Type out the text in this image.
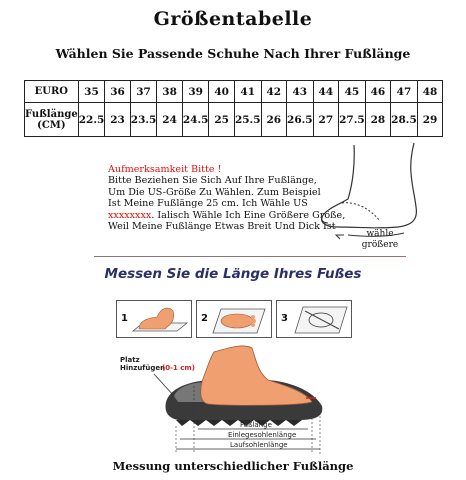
Größentabelle
Wählen Sie Passende Schuhe Nach Ihrer Fußlänge
EURO	35	36	37	38	39	40	41	42	43	44	45	46	47	48
Fußlänge (CM)	22.5	23	23.5	24	24.5	25	25.5	26	26.5	27	27.5	28	28.5	29
Aufmerksamkeit Bitte !
Bitte Beziehen Sie Sich Auf Ihre Fußlänge,
Um Die US-Größe Zu Wählen. Zum Beispiel
Ist Meine Fußlänge 25 cm. Ich Wähle US
xxxxxxxx. Ialisch Wähle Ich Eine Größere Größe,
Weil Meine Fußlänge Etwas Breit Und Dick Ist
wähle größere
Messen Sie die Länge Ihres Fußes
1	2	3
Platz
Hinzufügen
(0-1 cm)
Fußlänge
Einlegesohlenlänge
Laufsohlenlänge
Messung unterschiedlicher Fußlänge
